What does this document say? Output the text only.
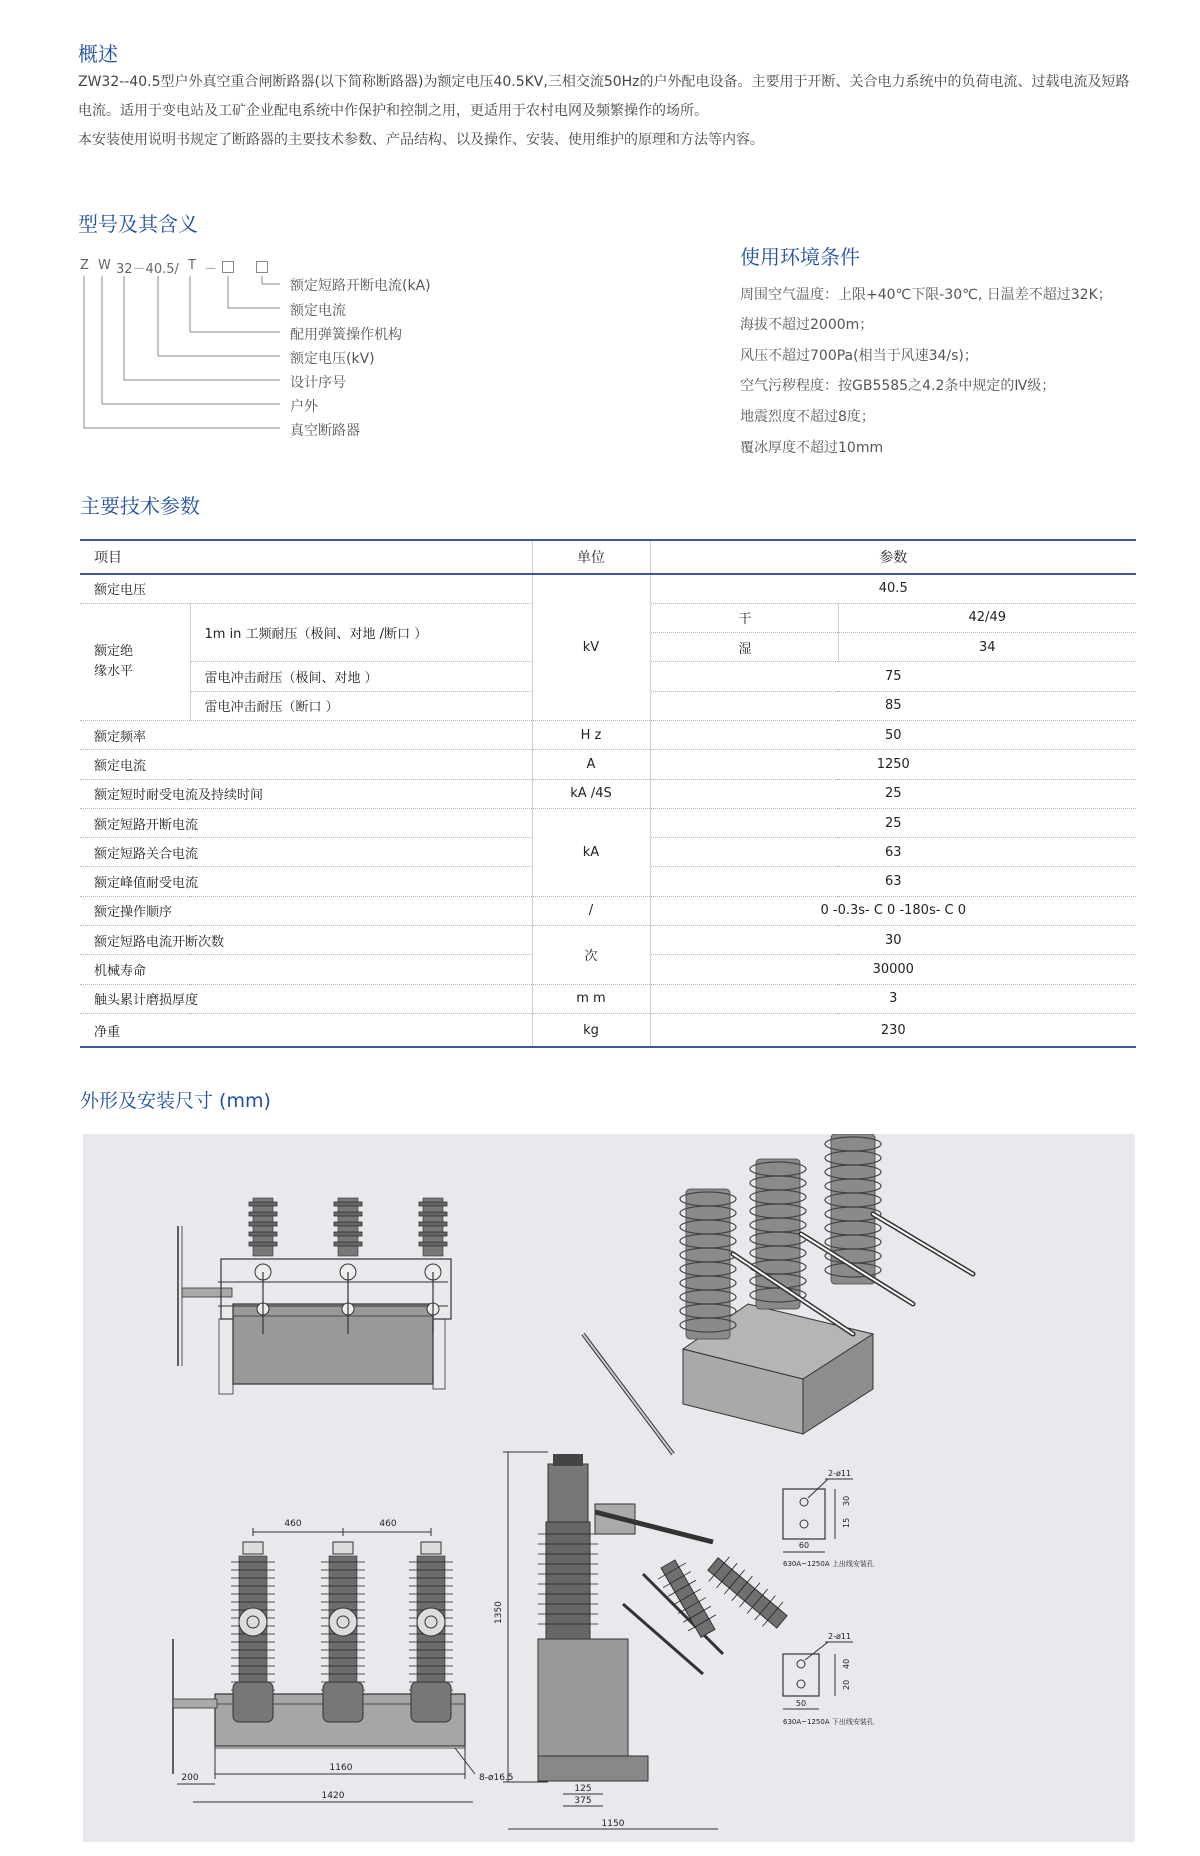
概述

ZW32--40.5型户外真空重合闸断路器(以下简称断路器)为额定电压40.5KV,三相交流50Hz的户外配电设备。主要用于开断、关合电力系统中的负荷电流、过载电流及短路电流。适用于变电站及工矿企业配电系统中作保护和控制之用，更适用于农村电网及频繁操作的场所。

本安装使用说明书规定了断路器的主要技术参数、产品结构、以及操作、安装、使用维护的原理和方法等内容。

型号及其含义
Z W 32－40.5/ T －
额定短路开断电流(kA)
额定电流
配用弹簧操作机构
额定电压(kV)
设计序号
户外
真空断路器
使用环境条件
周围空气温度：上限+40℃下限-30℃, 日温差不超过32K；
海拔不超过2000m；
风压不超过700Pa(相当于风速34/s)；
空气污秽程度：按GB5585之4.2条中规定的Ⅳ级；
地震烈度不超过8度；
覆冰厚度不超过10mm
主要技术参数
项目		单位	参数	
额定电压		kV	40.5	
额定绝
缘水平	1m in 工频耐压（极间、对地 /断口 ）		干	42/49
			湿	34
	雷电冲击耐压（极间、对地 ）		75	
	雷电冲击耐压（断口 ）		85	
额定频率		H z	50	
额定电流		A	1250	
额定短时耐受电流及持续时间		kA /4S	25	
额定短路开断电流		kA	25	
额定短路关合电流			63	
额定峰值耐受电流			63	
额定操作顺序		/	0 -0.3s- C 0 -180s- C 0	
额定短路电流开断次数		次	30	
机械寿命			30000	
触头累计磨损厚度		m m	3	
净重		kg	230	
外形及安装尺寸 (mm)
460	460
200
1160
1420
8-ø16.5
1350
125
375
1150
2-ø11
30
15
60
630A~1250A 上出线安装孔
2-ø11
40
20
50
630A~1250A 下出线安装孔
